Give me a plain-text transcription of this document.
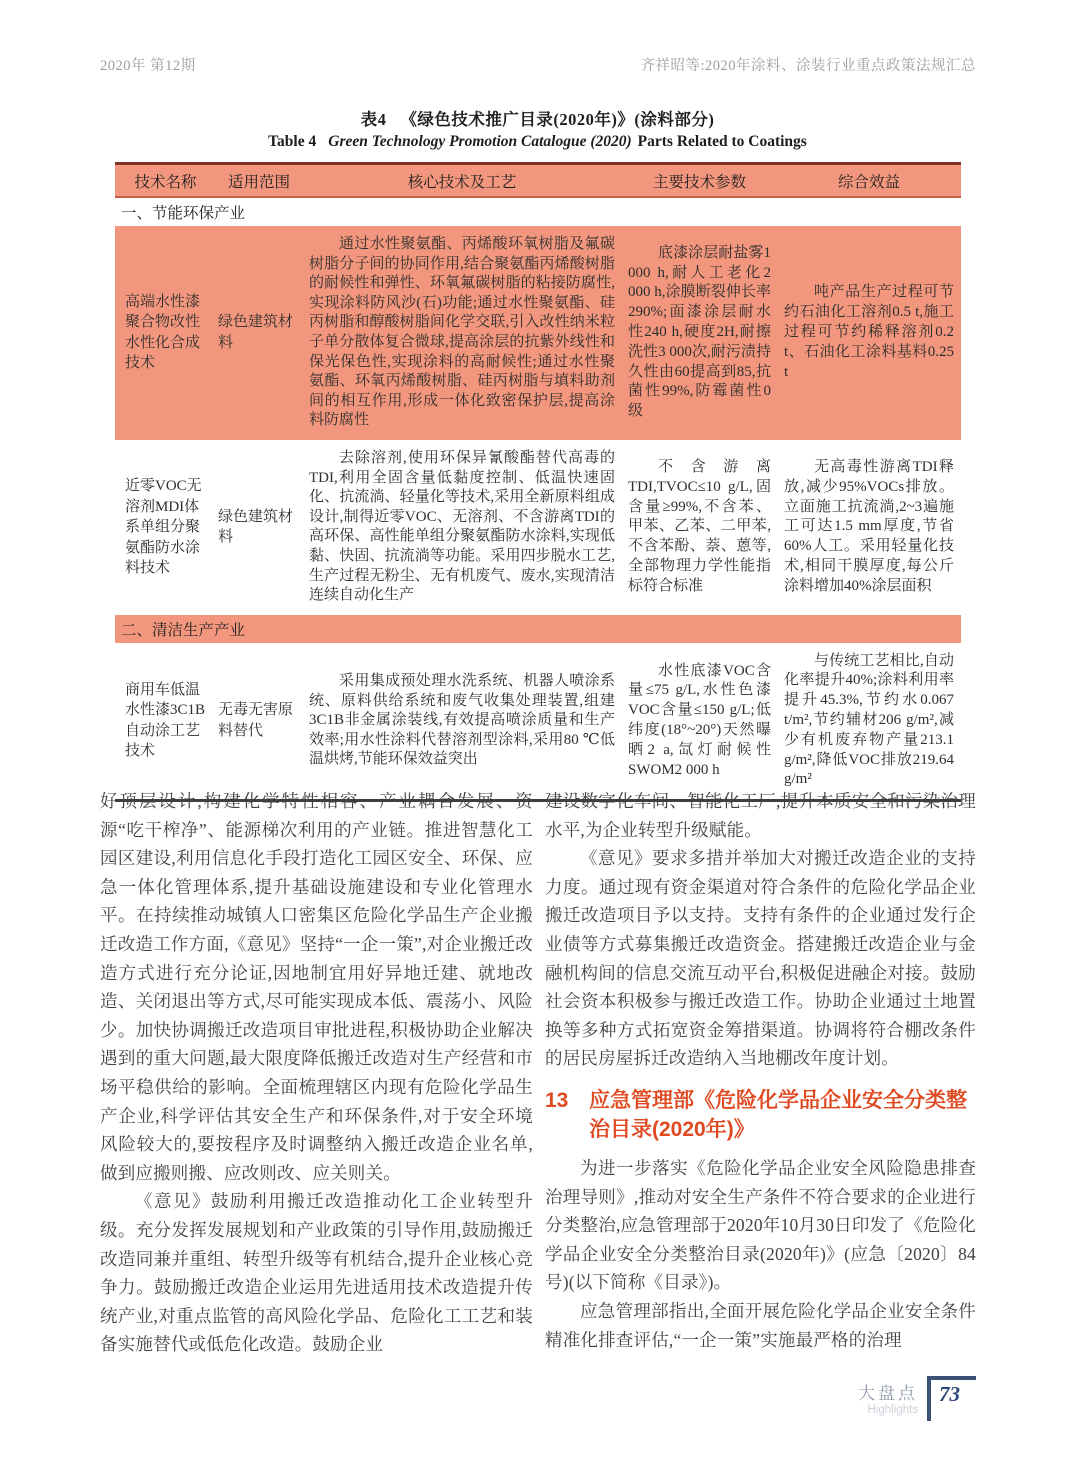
2020年 第12期	齐祥昭等:2020年涂料、涂装行业重点政策法规汇总
表4 《绿色技术推广目录(2020年)》(涂料部分)
Table 4 Green Technology Promotion Catalogue (2020) Parts Related to Coatings
技术名称	适用范围	核心技术及工艺	主要技术参数	综合效益
一、节能环保产业				
高端水性漆聚合物改性水性化合成技术	绿色建筑材料	通过水性聚氨酯、丙烯酸环氧树脂及氟碳树脂分子间的协同作用,结合聚氨酯丙烯酸树脂的耐候性和弹性、环氧氟碳树脂的粘接防腐性,实现涂料防风沙(石)功能;通过水性聚氨酯、硅丙树脂和醇酸树脂间化学交联,引入改性纳米粒子单分散体复合微球,提高涂层的抗紫外线性和保光保色性,实现涂料的高耐候性;通过水性聚氨酯、环氧丙烯酸树脂、硅丙树脂与填料助剂间的相互作用,形成一体化致密保护层,提高涂料防腐性	底漆涂层耐盐雾1 000 h,耐人工老化2 000 h,涂膜断裂伸长率290%;面漆涂层耐水性240 h,硬度2H,耐擦洗性3 000次,耐污渍持久性由60提高到85,抗菌性99%,防霉菌性0级	吨产品生产过程可节约石油化工溶剂0.5 t,施工过程可节约稀释溶剂0.2 t、石油化工涂料基料0.25 t
近零VOC无溶剂MDI体系单组分聚氨酯防水涂料技术	绿色建筑材料	去除溶剂,使用环保异氰酸酯替代高毒的TDI,利用全固含量低黏度控制、低温快速固化、抗流淌、轻量化等技术,采用全新原料组成设计,制得近零VOC、无溶剂、不含游离TDI的高环保、高性能单组分聚氨酯防水涂料,实现低黏、快固、抗流淌等功能。采用四步脱水工艺,生产过程无粉尘、无有机废气、废水,实现清洁连续自动化生产	不含游离TDI,TVOC≤10 g/L,固含量≥99%,不含苯、甲苯、乙苯、二甲苯,不含苯酚、萘、蒽等,全部物理力学性能指标符合标准	无高毒性游离TDI释放,减少95%VOCs排放。立面施工抗流淌,2~3遍施工可达1.5 mm厚度,节省60%人工。采用轻量化技术,相同干膜厚度,每公斤涂料增加40%涂层面积
二、清洁生产产业				
商用车低温水性漆3C1B自动涂工艺技术	无毒无害原料替代	采用集成预处理水洗系统、机器人喷涂系统、原料供给系统和废气收集处理装置,组建3C1B非金属涂装线,有效提高喷涂质量和生产效率;用水性涂料代替溶剂型涂料,采用80 ℃低温烘烤,节能环保效益突出	水性底漆VOC含量≤75 g/L,水性色漆VOC含量≤150 g/L;低纬度(18°~20°)天然曝晒2 a,氙灯耐候性SWOM2 000 h	与传统工艺相比,自动化率提升40%;涂料利用率提升45.3%,节约水0.067 t/m²,节约辅材206 g/m²,减少有机废弃物产量213.1 g/m²,降低VOC排放219.64 g/m²

好顶层设计,构建化学特性相容、产业耦合发展、资源“吃干榨净”、能源梯次利用的产业链。推进智慧化工园区建设,利用信息化手段打造化工园区安全、环保、应急一体化管理体系,提升基础设施建设和专业化管理水平。在持续推动城镇人口密集区危险化学品生产企业搬迁改造工作方面,《意见》坚持“一企一策”,对企业搬迁改造方式进行充分论证,因地制宜用好异地迁建、就地改造、关闭退出等方式,尽可能实现成本低、震荡小、风险少。加快协调搬迁改造项目审批进程,积极协助企业解决遇到的重大问题,最大限度降低搬迁改造对生产经营和市场平稳供给的影响。全面梳理辖区内现有危险化学品生产企业,科学评估其安全生产和环保条件,对于安全环境风险较大的,要按程序及时调整纳入搬迁改造企业名单,做到应搬则搬、应改则改、应关则关。

《意见》鼓励利用搬迁改造推动化工企业转型升级。充分发挥发展规划和产业政策的引导作用,鼓励搬迁改造同兼并重组、转型升级等有机结合,提升企业核心竞争力。鼓励搬迁改造企业运用先进适用技术改造提升传统产业,对重点监管的高风险化学品、危险化工工艺和装备实施替代或低危化改造。鼓励企业

建设数字化车间、智能化工厂,提升本质安全和污染治理水平,为企业转型升级赋能。

《意见》要求多措并举加大对搬迁改造企业的支持力度。通过现有资金渠道对符合条件的危险化学品企业搬迁改造项目予以支持。支持有条件的企业通过发行企业债等方式募集搬迁改造资金。搭建搬迁改造企业与金融机构间的信息交流互动平台,积极促进融企对接。鼓励社会资本积极参与搬迁改造工作。协助企业通过土地置换等多种方式拓宽资金筹措渠道。协调将符合棚改条件的居民房屋拆迁改造纳入当地棚改年度计划。

13 应急管理部《危险化学品企业安全分类整治目录(2020年)》

为进一步落实《危险化学品企业安全风险隐患排查治理导则》,推动对安全生产条件不符合要求的企业进行分类整治,应急管理部于2020年10月30日印发了《危险化学品企业安全分类整治目录(2020年)》(应急〔2020〕84号)(以下简称《目录》)。

应急管理部指出,全面开展危险化学品企业安全条件精准化排查评估,“一企一策”实施最严格的治理

大盘点
Highlights
73
